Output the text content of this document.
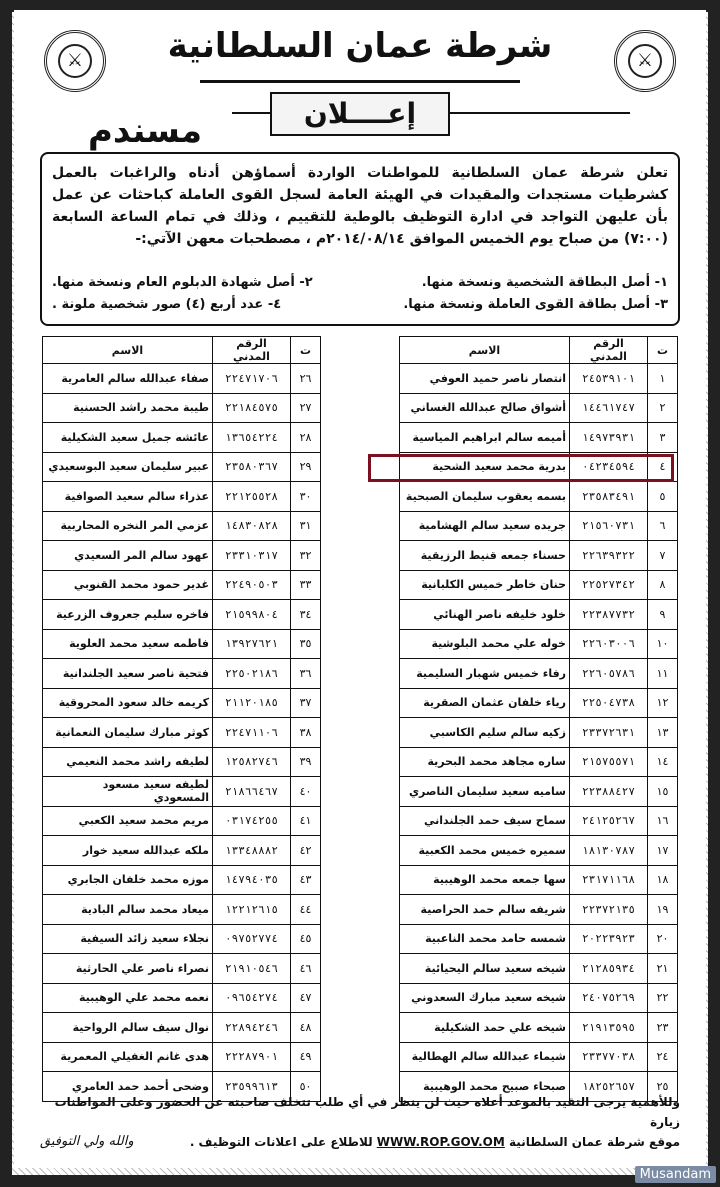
⚔	⚔
شرطة عمان السلطانية
إعــــلان
مسندم

تعلن شرطة عمان السلطانية للمواطنات الواردة أسماؤهن أدناه والراغبات بالعمل كشرطيات مستجدات والمقيدات في الهيئة العامة لسجل القوى العاملة كباحثات عن عمل بأن عليهن التواجد في ادارة التوظيف بالوطية للتقييم ، وذلك في تمام الساعة السابعة (٧:٠٠) من صباح يوم الخميس الموافق ٢٠١٤/٠٨/١٤م ، مصطحبات معهن الآتي:-

١- أصل البطاقة الشخصية ونسخة منها.
٢- أصل شهادة الدبلوم العام ونسخة منها.
٣- أصل بطاقة القوى العاملة ونسخة منها.
٤- عدد أربع (٤) صور شخصية ملونة .
ت	الرقم المدني	الاسم
١	٢٤٥٣٩١٠١	انتصار ناصر حميد العوفي
٢	١٤٤٦١٧٤٧	أشواق صالح عبدالله الغساني
٣	١٤٩٧٣٩٣١	أميمه سالم ابراهيم المياسية
٤	٠٤٢٣٤٥٩٤	بدرية محمد سعيد الشحية
٥	٢٣٥٨٣٤٩١	بسمه يعقوب سليمان الصبحية
٦	٢١٥٦٠٧٣١	جريده سعيد سالم الهشامية
٧	٢٢٦٣٩٣٢٢	حسناء جمعه قنيط الرزيقية
٨	٢٢٥٢٧٣٤٢	حنان خاطر خميس الكلبانية
٩	٢٢٣٨٧٧٣٢	خلود خليفه ناصر الهنائي
١٠	٢٢٦٠٣٠٠٦	خوله علي محمد البلوشية
١١	٢٢٦٠٥٧٨٦	رفاء خميس شهبار السليمية
١٢	٢٢٥٠٤٧٣٨	رياء خلفان عثمان الصقرية
١٣	٢٣٣٧٢٦٣١	زكيه سالم سليم الكاسبي
١٤	٢١٥٧٥٥٧١	ساره مجاهد محمد البحرية
١٥	٢٢٣٨٨٤٢٧	ساميه سعيد سليمان الناصري
١٦	٢٤١٢٥٢٦٧	سماح سيف حمد الجلنداني
١٧	١٨١٣٠٧٨٧	سميره خميس محمد الكعبية
١٨	٢٣١٧١١٦٨	سها جمعه محمد الوهيبية
١٩	٢٢٣٧٢١٣٥	شريفه سالم حمد الحراصية
٢٠	٢٠٢٢٣٩٢٣	شمسه حامد محمد الناعبية
٢١	٢١٢٨٥٩٣٤	شيخه سعيد سالم اليحيائية
٢٢	٢٤٠٧٥٢٦٩	شيخه سعيد مبارك السعدوني
٢٣	٢١٩١٣٥٩٥	شيخه علي حمد الشكيلية
٢٤	٢٣٣٧٧٠٣٨	شيماء عبدالله سالم الهطالية
٢٥	١٨٢٥٢٦٥٧	صبحاء صبيح محمد الوهيبية
ت	الرقم المدني	الاسم
٢٦	٢٢٤٧١٧٠٦	صفاء عبدالله سالم العامرية
٢٧	٢٢١٨٤٥٧٥	طيبة محمد راشد الحسنية
٢٨	١٣٦٥٤٢٢٤	عائشه جميل سعيد الشكيلية
٢٩	٢٣٥٨٠٣٦٧	عبير سليمان سعيد البوسعيدي
٣٠	٢٢١٢٥٥٢٨	عذراء سالم سعيد الصوافية
٣١	١٤٨٣٠٨٢٨	عزمي المر النخره المحاربية
٣٢	٢٣٣١٠٣١٧	عهود سالم المر السعيدي
٣٣	٢٢٤٩٠٥٠٣	غدير حمود محمد القنوبي
٣٤	٢١٥٩٩٨٠٤	فاخره سليم جعروف الزرعية
٣٥	١٣٩٢٧٦٢١	فاطمه سعيد محمد العلوية
٣٦	٢٢٥٠٢١٨٦	فتحية ناصر سعيد الجلندانية
٣٧	٢١١٢٠١٨٥	كريمه خالد سعود المحروقية
٣٨	٢٢٤٧١١٠٦	كوثر مبارك سليمان النعمانية
٣٩	١٢٥٨٢٧٤٦	لطيفه راشد محمد النعيمي
٤٠	٢١٨٦٦٤٦٧	لطيفه سعيد مسعود المسعودي
٤١	٠٣١٧٤٢٥٥	مريم محمد سعيد الكعبي
٤٢	١٣٣٤٨٨٨٢	ملكه عبدالله سعيد خوار
٤٣	١٤٧٩٤٠٣٥	موزه محمد خلفان الجابري
٤٤	١٢٢١٢٦١٥	ميعاد محمد سالم البادية
٤٥	٠٩٧٥٢٧٧٤	نجلاء سعيد زائد السيفية
٤٦	٢١٩١٠٥٤٦	نصراء ناصر علي الحارثية
٤٧	٠٩٦٥٤٢٧٤	نعمه محمد علي الوهيبية
٤٨	٢٢٨٩٤٢٤٦	نوال سيف سالم الرواحية
٤٩	٢٢٢٨٧٩٠١	هدى غانم الغفيلي المعمرية
٥٠	٢٣٥٩٩٦١٣	وضحى أحمد حمد العامري
وللأهمية يرجى التقيد بالموعد أعلاه حيث لن ينظر في أي طلب تتخلف صاحبته عن الحضور وعلى المواطنات زيارة
موقع شرطة عمان السلطانية WWW.ROP.GOV.OM للاطلاع على اعلانات التوظيف .
والله ولي التوفيق
Musandam
